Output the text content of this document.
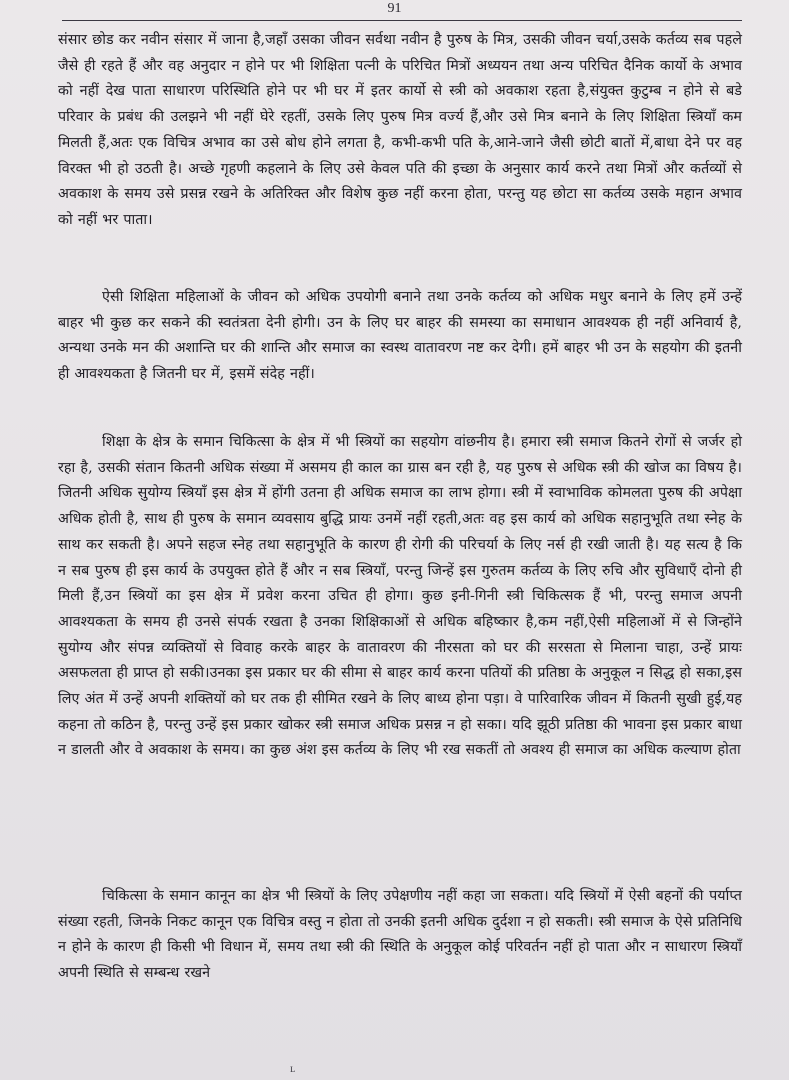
91

संसार छोड कर नवीन संसार में जाना है,जहाँ उसका जीवन सर्वथा नवीन है पुरुष के मित्र, उसकी जीवन चर्या,उसके कर्तव्य सब पहले जैसे ही रहते हैं और वह अनुदार न होने पर भी शिक्षिता पत्नी के परिचित मित्रों अध्ययन तथा अन्य परिचित दैनिक कार्यो के अभाव को नहीं देख पाता साधारण परिस्थिति होने पर भी घर में इतर कार्यो से स्त्री को अवकाश रहता है,संयुक्त कुटुम्ब न होने से बडे परिवार के प्रबंध की उलझने भी नहीं घेरे रहतीं, उसके लिए पुरुष मित्र वर्ज्य हैं,और उसे मित्र बनाने के लिए शिक्षिता स्त्रियाँ कम मिलती हैं,अतः एक विचित्र अभाव का उसे बोध होने लगता है, कभी-कभी पति के,आने-जाने जैसी छोटी बातों में,बाधा देने पर वह विरक्त भी हो उठती है। अच्छे गृहणी कहलाने के लिए उसे केवल पति की इच्छा के अनुसार कार्य करने तथा मित्रों और कर्तव्यों से अवकाश के समय उसे प्रसन्न रखने के अतिरिक्त और विशेष कुछ नहीं करना होता, परन्तु यह छोटा सा कर्तव्य उसके महान अभाव को नहीं भर पाता।

ऐसी शिक्षिता महिलाओं के जीवन को अधिक उपयोगी बनाने तथा उनके कर्तव्य को अधिक मधुर बनाने के लिए हमें उन्हें बाहर भी कुछ कर सकने की स्वतंत्रता देनी होगी। उन के लिए घर बाहर की समस्या का समाधान आवश्यक ही नहीं अनिवार्य है, अन्यथा उनके मन की अशान्ति घर की शान्ति और समाज का स्वस्थ वातावरण नष्ट कर देगी। हमें बाहर भी उन के सहयोग की इतनी ही आवश्यकता है जितनी घर में, इसमें संदेह नहीं।

शिक्षा के क्षेत्र के समान चिकित्सा के क्षेत्र में भी स्त्रियों का सहयोग वांछनीय है। हमारा स्त्री समाज कितने रोगों से जर्जर हो रहा है, उसकी संतान कितनी अधिक संख्या में असमय ही काल का ग्रास बन रही है, यह पुरुष से अधिक स्त्री की खोज का विषय है। जितनी अधिक सुयोग्य स्त्रियाँ इस क्षेत्र में होंगी उतना ही अधिक समाज का लाभ होगा। स्त्री में स्वाभाविक कोमलता पुरुष की अपेक्षा अधिक होती है, साथ ही पुरुष के समान व्यवसाय बुद्धि प्रायः उनमें नहीं रहती,अतः वह इस कार्य को अधिक सहानुभूति तथा स्नेह के साथ कर सकती है। अपने सहज स्नेह तथा सहानुभूति के कारण ही रोगी की परिचर्या के लिए नर्स ही रखी जाती है। यह सत्य है कि न सब पुरुष ही इस कार्य के उपयुक्त होते हैं और न सब स्त्रियाँ, परन्तु जिन्हें इस गुरुतम कर्तव्य के लिए रुचि और सुविधाएँ दोनो ही मिली हैं,उन स्त्रियों का इस क्षेत्र में प्रवेश करना उचित ही होगा। कुछ इनी-गिनी स्त्री चिकित्सक हैं भी, परन्तु समाज अपनी आवश्यकता के समय ही उनसे संपर्क रखता है उनका शिक्षिकाओं से अधिक बहिष्कार है,कम नहीं,ऐसी महिलाओं में से जिन्होंने सुयोग्य और संपन्न व्यक्तियों से विवाह करके बाहर के वातावरण की नीरसता को घर की सरसता से मिलाना चाहा, उन्हें प्रायः असफलता ही प्राप्त हो सकी।उनका इस प्रकार घर की सीमा से बाहर कार्य करना पतियों की प्रतिष्ठा के अनुकूल न सिद्ध हो सका,इस लिए अंत में उन्हें अपनी शक्तियों को घर तक ही सीमित रखने के लिए बाध्य होना पड़ा। वे पारिवारिक जीवन में कितनी सुखी हुई,यह कहना तो कठिन है, परन्तु उन्हें इस प्रकार खोकर स्त्री समाज अधिक प्रसन्न न हो सका। यदि झूठी प्रतिष्ठा की भावना इस प्रकार बाधा न डालती और वे अवकाश के समय। का कुछ अंश इस कर्तव्य के लिए भी रख सकतीं तो अवश्य ही समाज का अधिक कल्याण होता

चिकित्सा के समान कानून का क्षेत्र भी स्त्रियों के लिए उपेक्षणीय नहीं कहा जा सकता। यदि स्त्रियों में ऐसी बहनों की पर्याप्त संख्या रहती, जिनके निकट कानून एक विचित्र वस्तु न होता तो उनकी इतनी अधिक दुर्दशा न हो सकती। स्त्री समाज के ऐसे प्रतिनिधि न होने के कारण ही किसी भी विधान में, समय तथा स्त्री की स्थिति के अनुकूल कोई परिवर्तन नहीं हो पाता और न साधारण स्त्रियाँ अपनी स्थिति से सम्बन्ध रखने

ʟ
